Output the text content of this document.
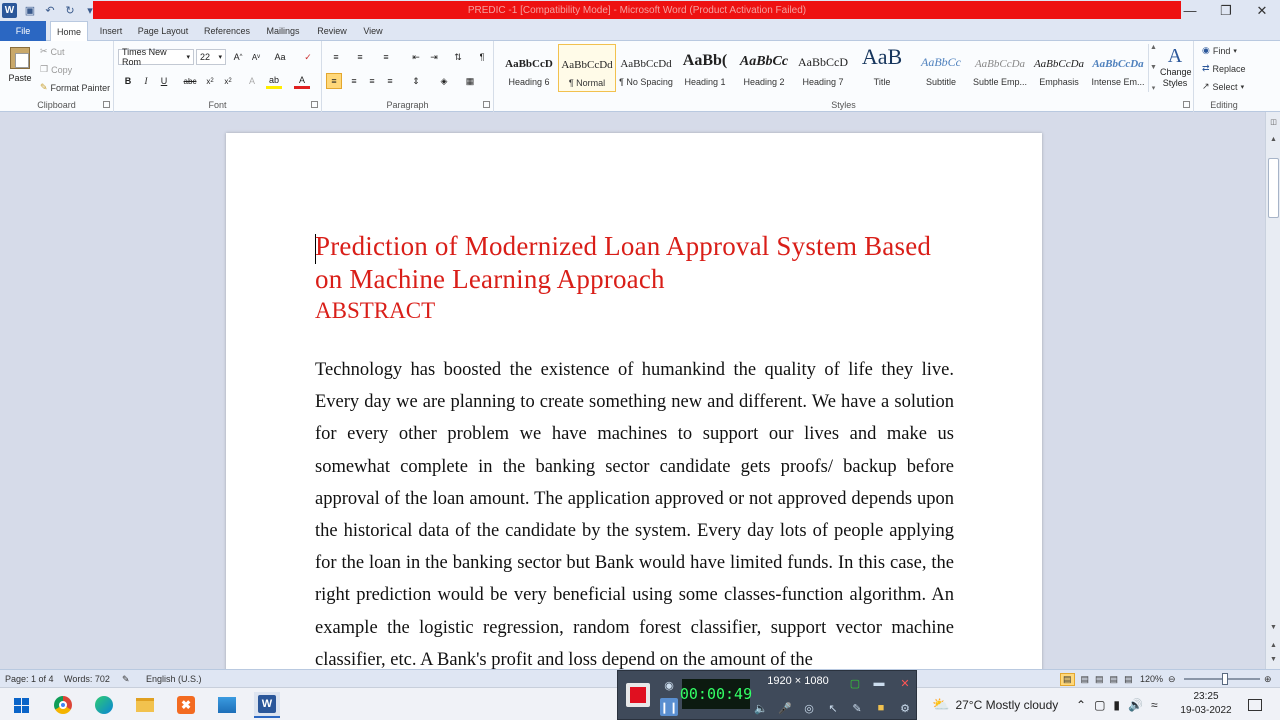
W ▣ ↶ ↻	▾	PREDIC -1 [Compatibility Mode] - Microsoft Word (Product Activation Failed)	—	❐	✕
File	Home	Insert	Page Layout	References	Mailings	Review	View
Paste
✂ Cut
❐ Copy
✎ Format Painter
Clipboard
Times New Rom	▾ 22 ▾	A ^	A v Aa	✓
B	I	U	abc	x 2	x 2	A	ab	A
Font
≡	≡	≡	⇤	⇥	⇅	¶
≡	≡	≡	≡	⇕	◈	▦
Paragraph	Styles
AaBbCcD
Heading 6
AaBbCcDd
¶ Normal
AaBbCcDd
¶ No Spacing
AaBb(
Heading 1
AaBbCc
Heading 2
AaBbCcD
Heading 7
AaB
Title
AaBbCc
Subtitle
AaBbCcDa
Subtle Emp...
AaBbCcDa
Emphasis
AaBbCcDa
Intense Em...
▲
▼
▾
A
Change Styles
◉ Find ▾
⇄ Replace
↗ Select ▾
Editing
Prediction of Modernized Loan Approval System Based on Machine Learning Approach
ABSTRACT
Technology has boosted the existence of humankind the quality of life they live. Every day we are planning to create something new and different. We have a solution for every other problem we have machines to support our lives and make us somewhat complete in the banking sector candidate gets proofs/ backup before approval of the loan amount. The application approved or not approved depends upon the historical data of the candidate by the system. Every day lots of people applying for the loan in the banking sector but Bank would have limited funds. In this case, the right prediction would be very beneficial using some classes-function algorithm. An example the logistic regression, random forest classifier, support vector machine classifier, etc. A Bank's profit and loss depend on the amount of the
◫
▲
▼
▲
▼
Page: 1 of 4 Words: 702 ✎ English (U.S.)	▤	▤ ▤ ▤ ▤ 120% ⊖	⊕
✖	W	⛅ 27°C Mostly cloudy ⌃ ▢ ▮ 🔊 ≈
23:25
19-03-2022
◉
❙❙
00:00:49
1920 × 1080	▢	▬	✕
🔈 🎤	◎	↖	✎	■	⚙
